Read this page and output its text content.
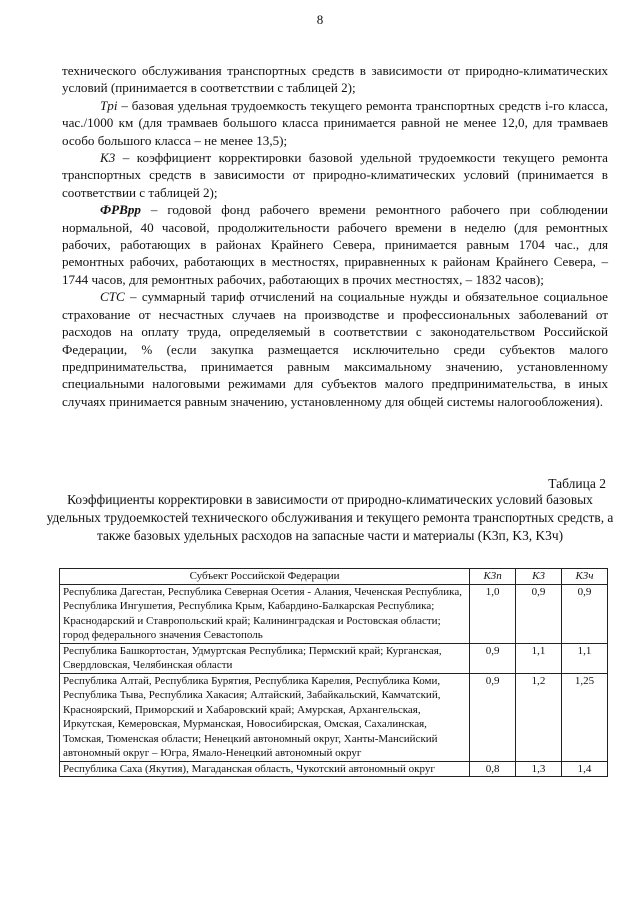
8

технического обслуживания транспортных средств в зависимости от природно-климатических условий (принимается в соответствии с таблицей 2);

Tpi – базовая удельная трудоемкость текущего ремонта транспортных средств i-го класса, час./1000 км (для трамваев большого класса принимается равной не менее 12,0, для трамваев особо большого класса – не менее 13,5);

K3 – коэффициент корректировки базовой удельной трудоемкости текущего ремонта транспортных средств в зависимости от природно-климатических условий (принимается в соответствии с таблицей 2);

ФРВрр – годовой фонд рабочего времени ремонтного рабочего при соблюдении нормальной, 40 часовой, продолжительности рабочего времени в неделю (для ремонтных рабочих, работающих в районах Крайнего Севера, принимается равным 1704 час., для ремонтных рабочих, работающих в местностях, приравненных к районам Крайнего Севера, – 1744 часов, для ремонтных рабочих, работающих в прочих местностях, – 1832 часов);

CTC – суммарный тариф отчислений на социальные нужды и обязательное социальное страхование от несчастных случаев на производстве и профессиональных заболеваний от расходов на оплату труда, определяемый в соответствии с законодательством Российской Федерации, % (если закупка размещается исключительно среди субъектов малого предпринимательства, принимается равным максимальному значению, установленному специальными налоговыми режимами для субъектов малого предпринимательства, в иных случаях принимается равным значению, установленному для общей системы налогообложения).

Таблица 2
Коэффициенты корректировки в зависимости от природно-климатических условий базовых удельных трудоемкостей технического обслуживания и текущего ремонта транспортных средств, а также базовых удельных расходов на запасные части и материалы (K3п, K3, K3ч)
Субъект Российской Федерации	K3п	K3	K3ч
Республика Дагестан, Республика Северная Осетия - Алания, Чеченская Республика, Республика Ингушетия, Республика Крым, Кабардино-Балкарская Республика; Краснодарский и Ставропольский край; Калининградская и Ростовская области; город федерального значения Севастополь	1,0	0,9	0,9
Республика Башкортостан, Удмуртская Республика; Пермский край; Курганская, Свердловская, Челябинская области	0,9	1,1	1,1
Республика Алтай, Республика Бурятия, Республика Карелия, Республика Коми, Республика Тыва, Республика Хакасия; Алтайский, Забайкальский, Камчатский, Красноярский, Приморский и Хабаровский край; Амурская, Архангельская, Иркутская, Кемеровская, Мурманская, Новосибирская, Омская, Сахалинская, Томская, Тюменская области; Ненецкий автономный округ, Ханты-Мансийский автономный округ – Югра, Ямало-Ненецкий автономный округ	0,9	1,2	1,25
Республика Саха (Якутия), Магаданская область, Чукотский автономный округ	0,8	1,3	1,4
